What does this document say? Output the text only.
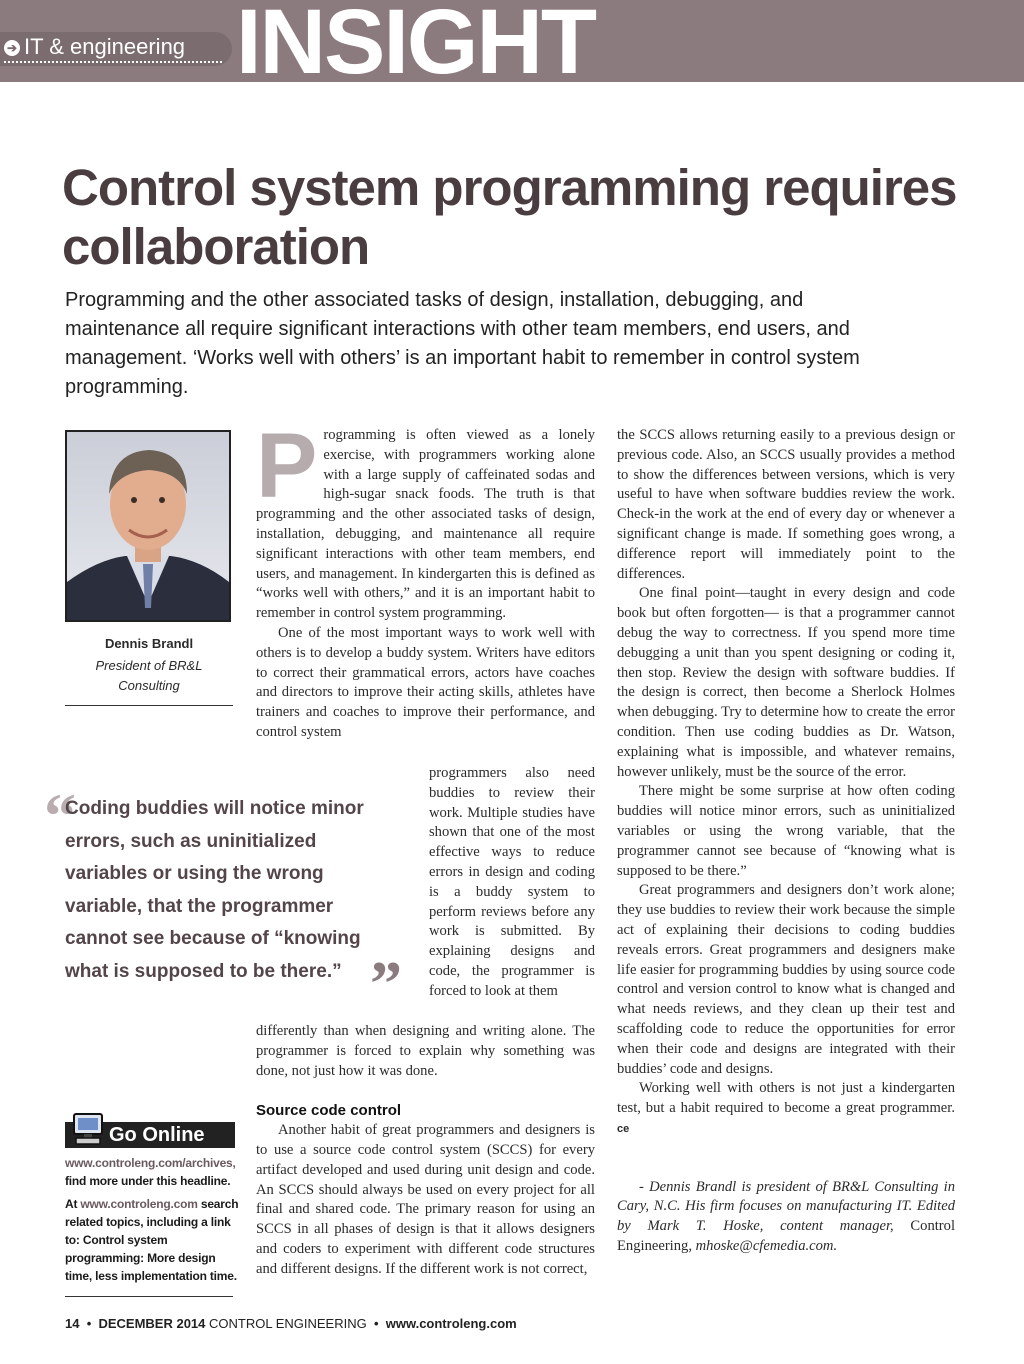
➔ IT & engineering INSIGHT
Control system programming requires collaboration

Programming and the other associated tasks of design, installation, debugging, and maintenance all require significant interactions with other team members, end users, and management. ‘Works well with others’ is an important habit to remember in control system programming.

Dennis Brandl
President of BR&L Consulting
“
Coding buddies will notice minor errors, such as uninitialized variables or using the wrong variable, that the programmer cannot see because of “knowing what is supposed to be there.” ”

Programming is often viewed as a lonely exercise, with programmers working alone with a large supply of caffeinated sodas and high-sugar snack foods. The truth is that programming and the other associated tasks of design, installation, debugging, and maintenance all require significant interactions with other team members, end users, and management. In kindergarten this is defined as “works well with others,” and it is an important habit to remember in control system programming.

One of the most important ways to work well with others is to develop a buddy system. Writers have editors to correct their grammatical errors, actors have coaches and directors to improve their acting skills, athletes have trainers and coaches to improve their performance, and control system

programmers also need buddies to review their work. Multiple studies have shown that one of the most effective ways to reduce errors in design and coding is a buddy system to perform reviews before any work is submitted. By explaining designs and code, the programmer is forced to look at them

differently than when designing and writing alone. The programmer is forced to explain why something was done, not just how it was done.

Source code control

Another habit of great programmers and designers is to use a source code control system (SCCS) for every artifact developed and used during unit design and code. An SCCS should always be used on every project for all final and shared code. The primary reason for using an SCCS in all phases of design is that it allows designers and coders to experiment with different code structures and different designs. If the different work is not correct,

the SCCS allows returning easily to a previous design or previous code. Also, an SCCS usually provides a method to show the differences between versions, which is very useful to have when software buddies review the work. Check-in the work at the end of every day or whenever a significant change is made. If something goes wrong, a difference report will immediately point to the differences.

One final point—taught in every design and code book but often forgotten— is that a programmer cannot debug the way to correctness. If you spend more time debugging a unit than you spent designing or coding it, then stop. Review the design with software buddies. If the design is correct, then become a Sherlock Holmes when debugging. Try to determine how to create the error condition. Then use coding buddies as Dr. Watson, explaining what is impossible, and whatever remains, however unlikely, must be the source of the error.

There might be some surprise at how often coding buddies will notice minor errors, such as uninitialized variables or using the wrong variable, that the programmer cannot see because of “knowing what is supposed to be there.”

Great programmers and designers don’t work alone; they use buddies to review their work because the simple act of explaining their decisions to coding buddies reveals errors. Great programmers and designers make life easier for programming buddies by using source code control and version control to know what is changed and what needs reviews, and they clean up their test and scaffolding code to reduce the opportunities for error when their code and designs are integrated with their buddies’ code and designs.

Working well with others is not just a kindergarten test, but a habit required to become a great programmer. ce

- Dennis Brandl is president of BR&L Consulting in Cary, N.C. His firm focuses on manufacturing IT. Edited by Mark T. Hoske, content manager, Control Engineering, mhoske@cfemedia.com.

Go Online

www.controleng.com/archives, find more under this headline.

At www.controleng.com search related topics, including a link to: Control system programming: More design time, less implementation time.

14  •  DECEMBER 2014 CONTROL ENGINEERING  •  www.controleng.com
